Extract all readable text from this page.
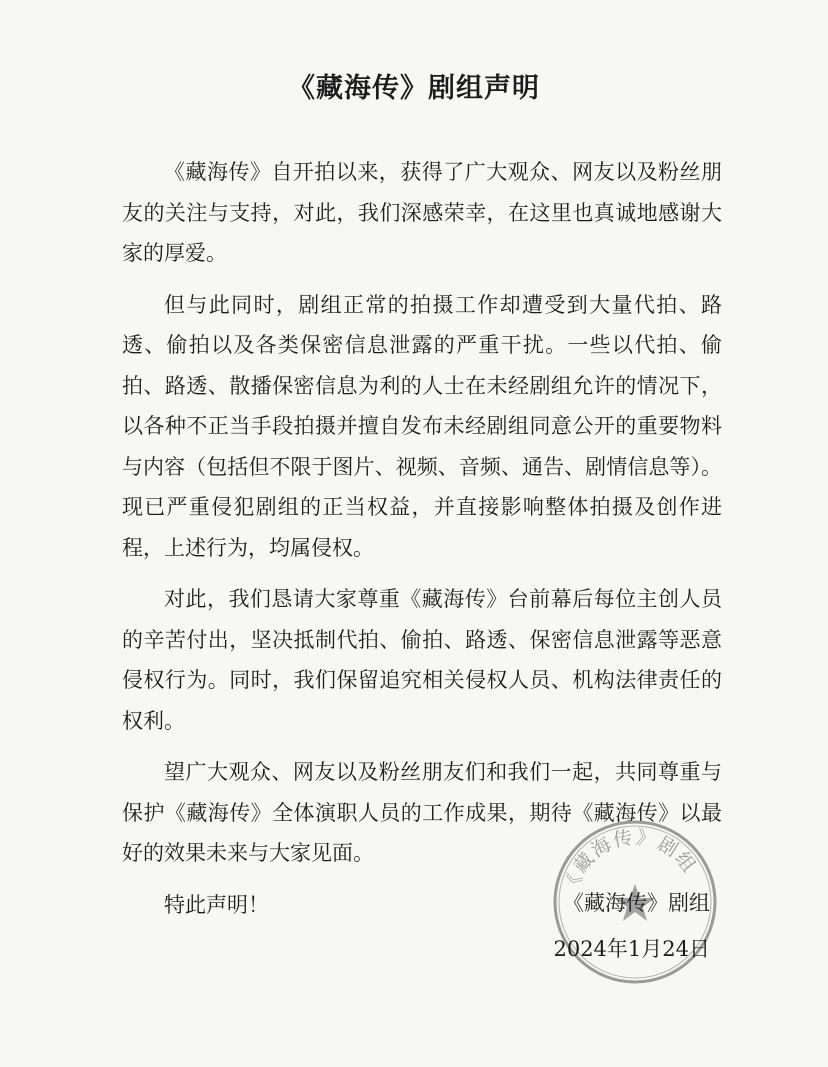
《藏海传》剧组声明

《藏海传》自开拍以来，获得了广大观众、网友以及粉丝朋友的关注与支持，对此，我们深感荣幸，在这里也真诚地感谢大家的厚爱。

但与此同时，剧组正常的拍摄工作却遭受到大量代拍、路透、偷拍以及各类保密信息泄露的严重干扰。一些以代拍、偷拍、路透、散播保密信息为利的人士在未经剧组允许的情况下，以各种不正当手段拍摄并擅自发布未经剧组同意公开的重要物料与内容（包括但不限于图片、视频、音频、通告、剧情信息等）。现已严重侵犯剧组的正当权益，并直接影响整体拍摄及创作进程，上述行为，均属侵权。

对此，我们恳请大家尊重《藏海传》台前幕后每位主创人员的辛苦付出，坚决抵制代拍、偷拍、路透、保密信息泄露等恶意侵权行为。同时，我们保留追究相关侵权人员、机构法律责任的权利。

望广大观众、网友以及粉丝朋友们和我们一起，共同尊重与保护《藏海传》全体演职人员的工作成果，期待《藏海传》以最好的效果未来与大家见面。

特此声明！

《藏海传》剧组
《藏海传》剧组
2024年1月24日
